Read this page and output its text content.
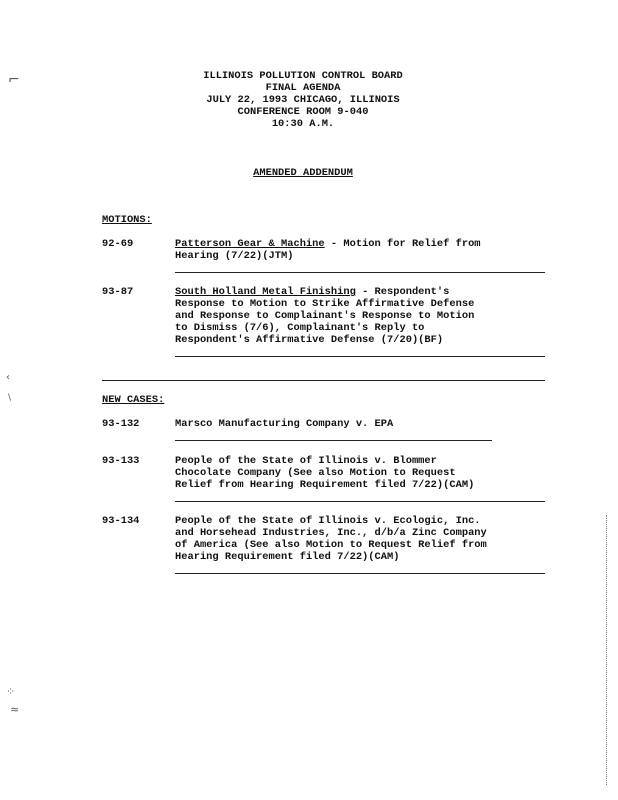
⌐
‹
\
⁘
≈
ILLINOIS POLLUTION CONTROL BOARD
FINAL AGENDA
JULY 22, 1993 CHICAGO, ILLINOIS
CONFERENCE ROOM 9-040
10:30 A.M.
AMENDED ADDENDUM
MOTIONS:
92-69	Patterson Gear & Machine - Motion for Relief from
Hearing (7/22)(JTM)
93-87	South Holland Metal Finishing - Respondent's
Response to Motion to Strike Affirmative Defense
and Response to Complainant's Response to Motion
to Dismiss (7/6), Complainant's Reply to
Respondent's Affirmative Defense (7/20)(BF)
NEW CASES:
93-132	Marsco Manufacturing Company v. EPA
93-133	People of the State of Illinois v. Blommer
Chocolate Company (See also Motion to Request
Relief from Hearing Requirement filed 7/22)(CAM)
93-134	People of the State of Illinois v. Ecologic, Inc.
and Horsehead Industries, Inc., d/b/a Zinc Company
of America (See also Motion to Request Relief from
Hearing Requirement filed 7/22)(CAM)
